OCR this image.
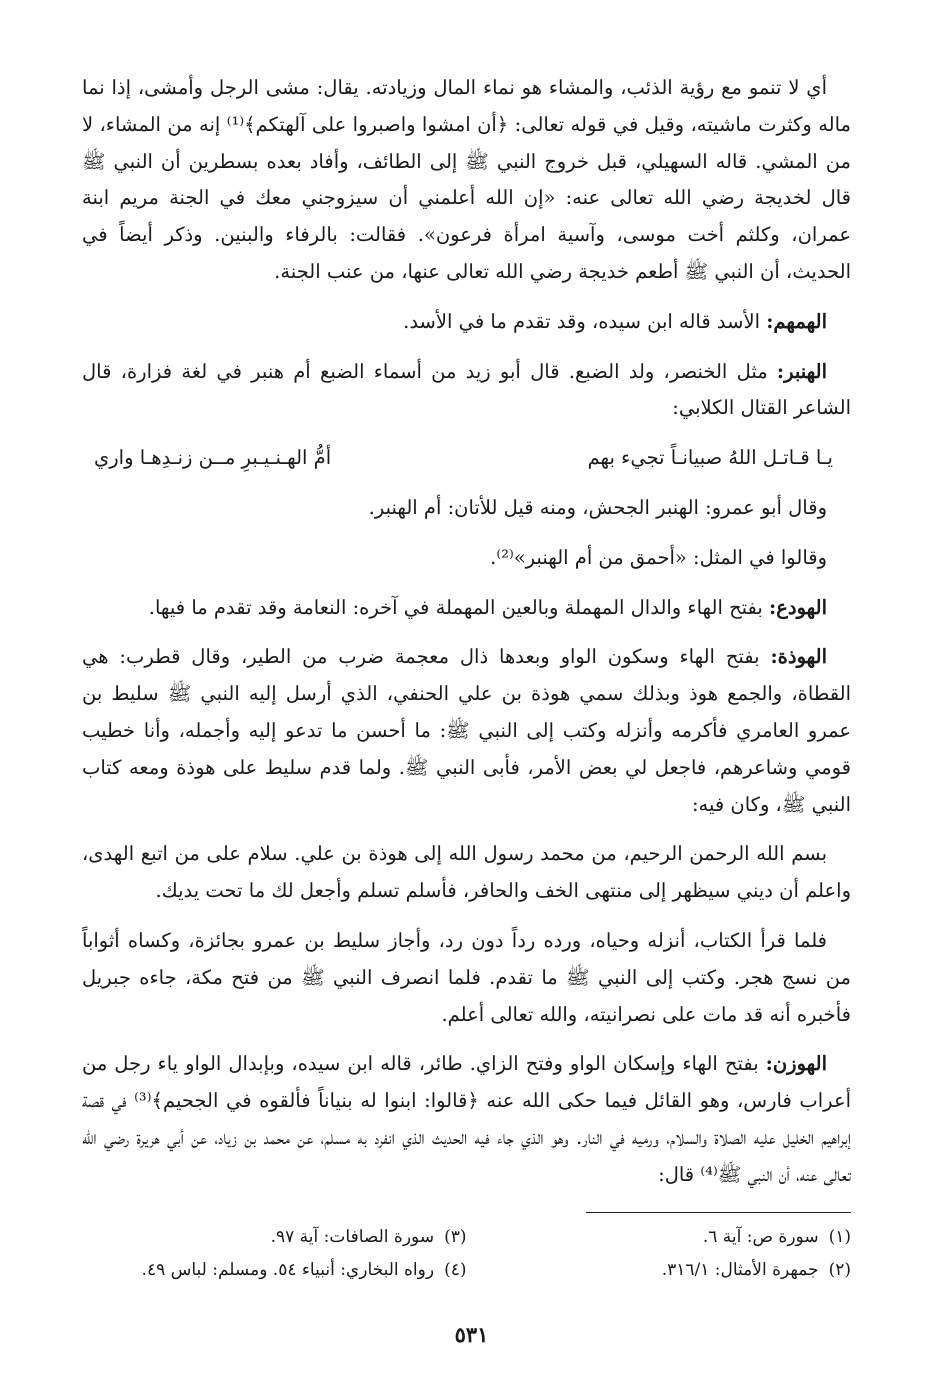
أي لا تنمو مع رؤية الذئب، والمشاء هو نماء المال وزيادته. يقال: مشى الرجل وأمشى، إذا نما ماله وكثرت ماشيته، وقيل في قوله تعالى: ﴿أن امشوا واصبروا على آلهتكم﴾⁽¹⁾ إنه من المشاء، لا من المشي. قاله السهيلي، قبل خروج النبي ﷺ إلى الطائف، وأفاد بعده بسطرين أن النبي ﷺ قال لخديجة رضي الله تعالى عنه: «إن الله أعلمني أن سيزوجني معك في الجنة مريم ابنة عمران، وكلثم أخت موسى، وآسية امرأة فرعون». فقالت: بالرفاء والبنين. وذكر أيضاً في الحديث، أن النبي ﷺ أطعم خديجة رضي الله تعالى عنها، من عنب الجنة.

الهمهم: الأسد قاله ابن سيده، وقد تقدم ما في الأسد.

الهنبر: مثل الخنصر، ولد الضبع. قال أبو زيد من أسماء الضبع أم هنبر في لغة فزارة، قال الشاعر القتال الكلابي:

يـا قـاتـل اللهُ صبيانـاً تجيء بهم
أمُّ الهـنـيـبرِ مــن زنـدِهـا واري

وقال أبو عمرو: الهنبر الجحش، ومنه قيل للأتان: أم الهنبر.

وقالوا في المثل: «أحمق من أم الهنبر»⁽²⁾.

الهودع: بفتح الهاء والدال المهملة وبالعين المهملة في آخره: النعامة وقد تقدم ما فيها.

الهوذة: بفتح الهاء وسكون الواو وبعدها ذال معجمة ضرب من الطير، وقال قطرب: هي القطاة، والجمع هوذ وبذلك سمي هوذة بن علي الحنفي، الذي أرسل إليه النبي ﷺ سليط بن عمرو العامري فأكرمه وأنزله وكتب إلى النبي ﷺ: ما أحسن ما تدعو إليه وأجمله، وأنا خطيب قومي وشاعرهم، فاجعل لي بعض الأمر، فأبى النبي ﷺ. ولما قدم سليط على هوذة ومعه كتاب النبي ﷺ، وكان فيه:

بسم الله الرحمن الرحيم، من محمد رسول الله إلى هوذة بن علي. سلام على من اتبع الهدى، واعلم أن ديني سيظهر إلى منتهى الخف والحافر، فأسلم تسلم وأجعل لك ما تحت يديك.

فلما قرأ الكتاب، أنزله وحياه، ورده رداً دون رد، وأجاز سليط بن عمرو بجائزة، وكساه أثواباً من نسج هجر. وكتب إلى النبي ﷺ ما تقدم. فلما انصرف النبي ﷺ من فتح مكة، جاءه جبريل فأخبره أنه قد مات على نصرانيته، والله تعالى أعلم.

الهوزن: بفتح الهاء وإسكان الواو وفتح الزاي. طائر، قاله ابن سيده، وبإبدال الواو ياء رجل من أعراب فارس، وهو القائل فيما حكى الله عنه ﴿قالوا: ابنوا له بنياناً فألقوه في الجحيم﴾⁽³⁾ في قصة إبراهيم الخليل عليه الصلاة والسلام، ورميه في النار. وهو الذي جاء فيه الحديث الذي انفرد به مسلم، عن محمد بن زياد، عن أبي هريرة رضي الله تعالى عنه، أن النبي ﷺ⁽⁴⁾ قال:

(١)سورة ص: آية ٦.
(٣)سورة الصافات: آية ٩٧.
(٢)جمهرة الأمثال: ٣١٦/١.
(٤)رواه البخاري: أنبياء ٥٤. ومسلم: لباس ٤٩.
٥٣١
